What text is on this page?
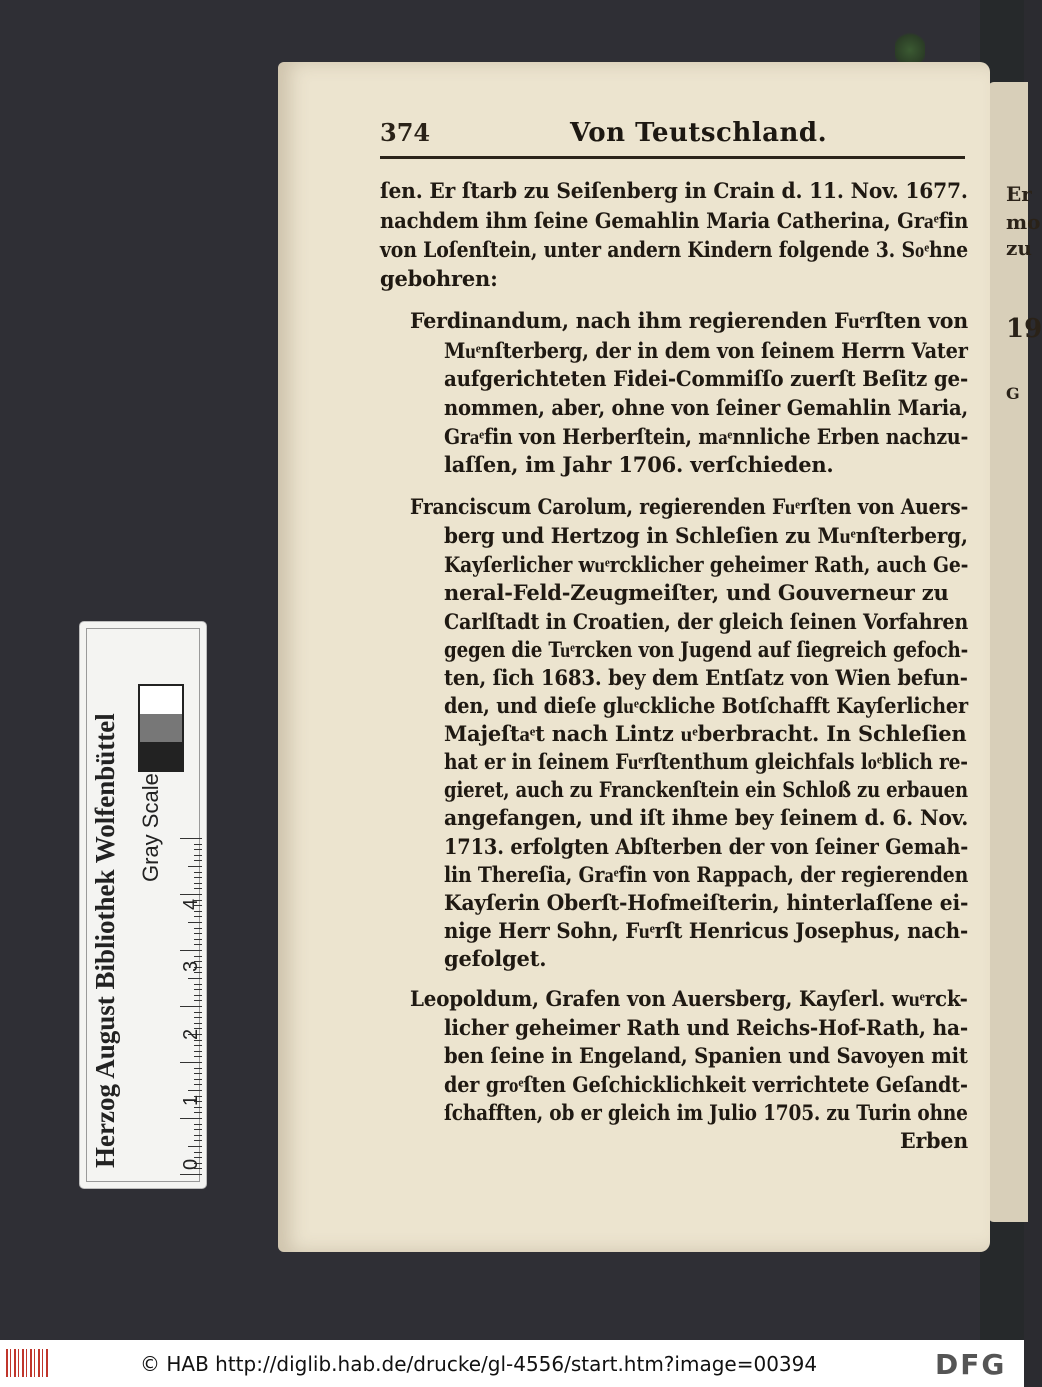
Er
mo
zu
19
G
374	Von Teutschland.
ſen. Er ſtarb zu Seiſenberg in Crain d. 11. Nov. 1677.
nachdem ihm ſeine Gemahlin Maria Catherina, Graͤfin
von Loſenſtein, unter andern Kindern folgende 3. Soͤhne
gebohren:
Ferdinandum, nach ihm regierenden Fuͤrſten von
Muͤnſterberg, der in dem von ſeinem Herrn Vater
aufgerichteten Fidei-Commiſſo zuerſt Beſitz ge-
nommen, aber, ohne von ſeiner Gemahlin Maria,
Graͤfin von Herberſtein, maͤnnliche Erben nachzu-
laſſen, im Jahr 1706. verſchieden.
Franciscum Carolum, regierenden Fuͤrſten von Auers-
berg und Hertzog in Schleſien zu Muͤnſterberg,
Kayſerlicher wuͤrcklicher geheimer Rath, auch Ge-
neral-Feld-Zeugmeiſter, und Gouverneur zu
Carlſtadt in Croatien, der gleich ſeinen Vorfahren
gegen die Tuͤrcken von Jugend auf ſiegreich gefoch-
ten, ſich 1683. bey dem Entſatz von Wien befun-
den, und dieſe gluͤckliche Botſchafft Kayſerlicher
Majeſtaͤt nach Lintz uͤberbracht. In Schleſien
hat er in ſeinem Fuͤrſtenthum gleichfals loͤblich re-
gieret, auch zu Franckenſtein ein Schloß zu erbauen
angefangen, und iſt ihme bey ſeinem d. 6. Nov.
1713. erfolgten Abſterben der von ſeiner Gemah-
lin Thereſia, Graͤfin von Rappach, der regierenden
Kayſerin Oberſt-Hofmeiſterin, hinterlaſſene ei-
nige Herr Sohn, Fuͤrſt Henricus Josephus, nach-
gefolget.
Leopoldum, Grafen von Auersberg, Kayſerl. wuͤrck-
licher geheimer Rath und Reichs-Hof-Rath, ha-
ben ſeine in Engeland, Spanien und Savoyen mit
der groͤſten Geſchicklichkeit verrichtete Geſandt-
ſchafften, ob er gleich im Julio 1705. zu Turin ohne
Erben
Herzog August Bibliothek Wolfenbüttel Gray Scale
4
3
2
1
0
© HAB http://diglib.hab.de/drucke/gl-4556/start.htm?image=00394	DFG
